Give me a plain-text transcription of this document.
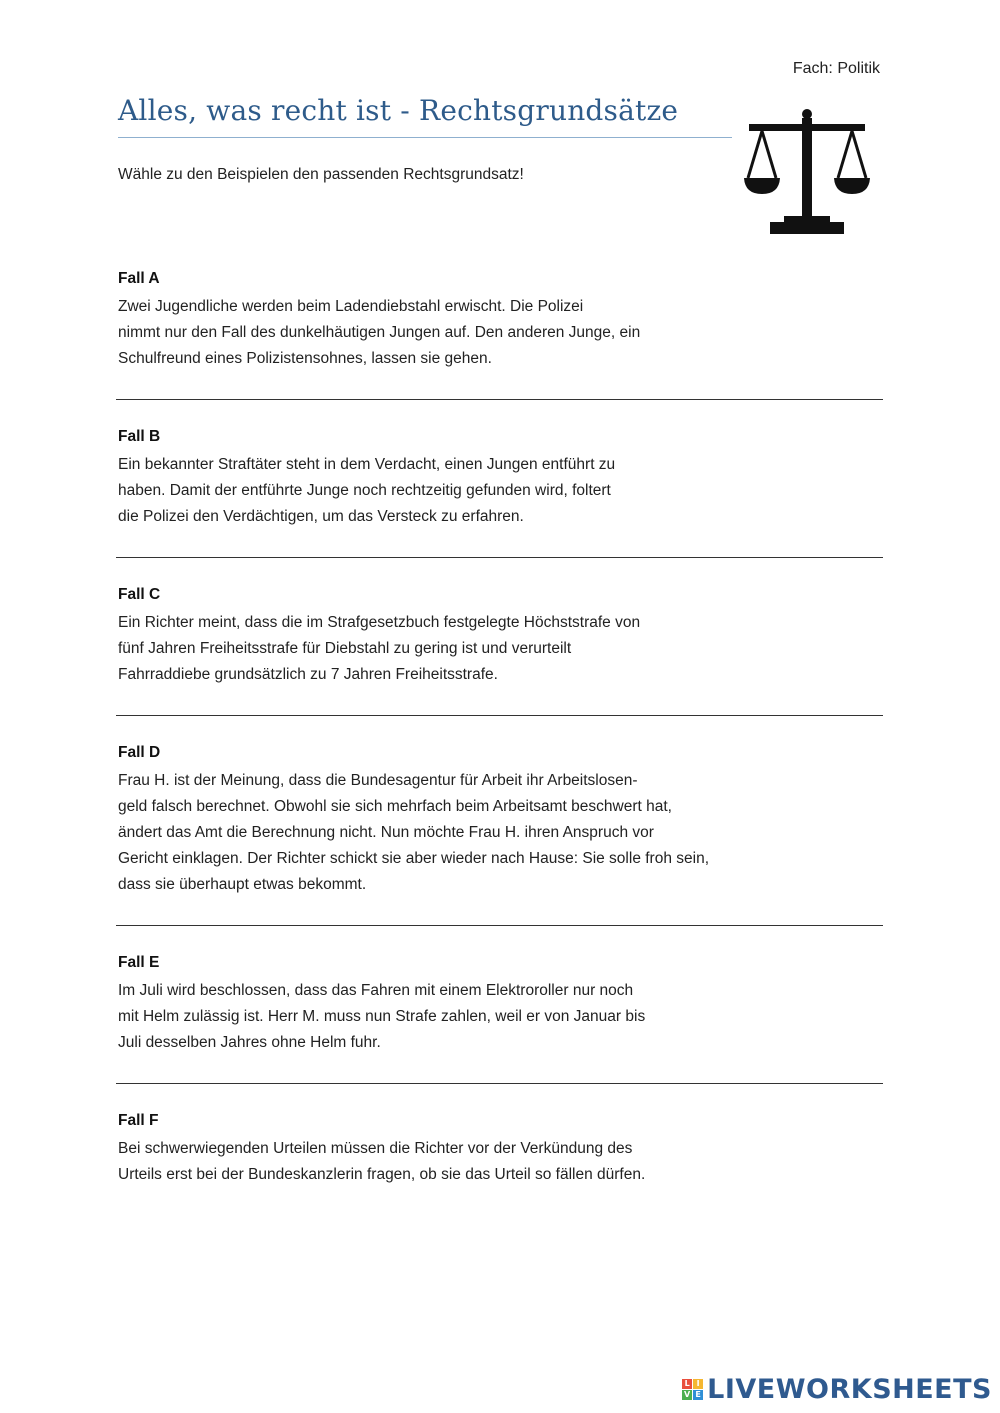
Fach: Politik
Alles, was recht ist - Rechtsgrundsätze
Wähle zu den Beispielen den passenden Rechtsgrundsatz!
Fall A

Zwei Jugendliche werden beim Ladendiebstahl erwischt. Die Polizei
nimmt nur den Fall des dunkelhäutigen Jungen auf. Den anderen Junge, ein
Schulfreund eines Polizistensohnes, lassen sie gehen.

Fall B

Ein bekannter Straftäter steht in dem Verdacht, einen Jungen entführt zu
haben. Damit der entführte Junge noch rechtzeitig gefunden wird, foltert
die Polizei den Verdächtigen, um das Versteck zu erfahren.

Fall C

Ein Richter meint, dass die im Strafgesetzbuch festgelegte Höchststrafe von
fünf Jahren Freiheitsstrafe für Diebstahl zu gering ist und verurteilt
Fahrraddiebe grundsätzlich zu 7 Jahren Freiheitsstrafe.

Fall D

Frau H. ist der Meinung, dass die Bundesagentur für Arbeit ihr Arbeitslosen-
geld falsch berechnet. Obwohl sie sich mehrfach beim Arbeitsamt beschwert hat,
ändert das Amt die Berechnung nicht. Nun möchte Frau H. ihren Anspruch vor
Gericht einklagen. Der Richter schickt sie aber wieder nach Hause: Sie solle froh sein,
dass sie überhaupt etwas bekommt.

Fall E

Im Juli wird beschlossen, dass das Fahren mit einem Elektroroller nur noch
mit Helm zulässig ist. Herr M. muss nun Strafe zahlen, weil er von Januar bis
Juli desselben Jahres ohne Helm fuhr.

Fall F

Bei schwerwiegenden Urteilen müssen die Richter vor der Verkündung des
Urteils erst bei der Bundeskanzlerin fragen, ob sie das Urteil so fällen dürfen.

L I
V E LIVEWORKSHEETS
